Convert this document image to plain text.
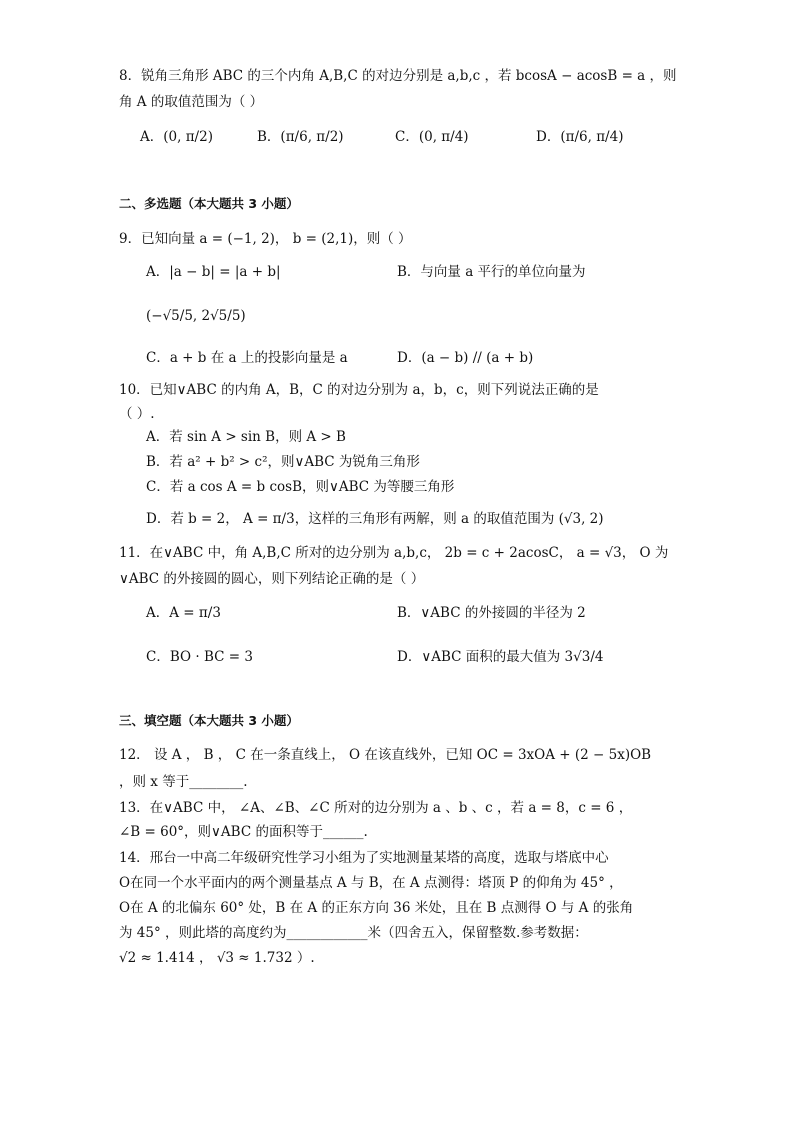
8．锐角三角形 ABC 的三个内角 A,B,C 的对边分别是 a,b,c ，若 bcosA − acosB = a ，则
角 A 的取值范围为（ ）
A．(0, π/2)	B．(π/6, π/2)	C．(0, π/4)	D．(π/6, π/4)
二、多选题（本大题共 3 小题）
9．已知向量 a = (−1, 2)， b = (2,1)，则（ ）
A．|a − b| = |a + b|	B．与向量 a 平行的单位向量为
(−√5/5, 2√5/5)
C．a + b 在 a 上的投影向量是 a	D．(a − b) // (a + b)
10．已知∨ABC 的内角 A，B，C 的对边分别为 a，b，c，则下列说法正确的是
（ ）.
A．若 sin A > sin B，则 A > B
B．若 a² + b² > c²，则∨ABC 为锐角三角形
C．若 a cos A = b cosB，则∨ABC 为等腰三角形
D．若 b = 2， A = π/3，这样的三角形有两解，则 a 的取值范围为 (√3, 2)
11．在∨ABC 中，角 A,B,C 所对的边分别为 a,b,c， 2b = c + 2acosC， a = √3， O 为
∨ABC 的外接圆的圆心，则下列结论正确的是（ ）
A．A = π/3	B．∨ABC 的外接圆的半径为 2
C．BO · BC = 3	D．∨ABC 面积的最大值为 3√3/4
三、填空题（本大题共 3 小题）
12． 设 A ， B ， C 在一条直线上， O 在该直线外，已知 OC = 3xOA + (2 − 5x)OB
，则 x 等于________.
13．在∨ABC 中， ∠A、∠B、∠C 所对的边分别为 a 、b 、c ，若 a = 8，c = 6 ，
∠B = 60°，则∨ABC 的面积等于______.
14．邢台一中高二年级研究性学习小组为了实地测量某塔的高度，选取与塔底中心
O在同一个水平面内的两个测量基点 A 与 B，在 A 点测得：塔顶 P 的仰角为 45° ，
O在 A 的北偏东 60° 处，B 在 A 的正东方向 36 米处，且在 B 点测得 O 与 A 的张角
为 45° ，则此塔的高度约为____________米（四舍五入，保留整数.参考数据：
√2 ≈ 1.414 ， √3 ≈ 1.732 ）.
